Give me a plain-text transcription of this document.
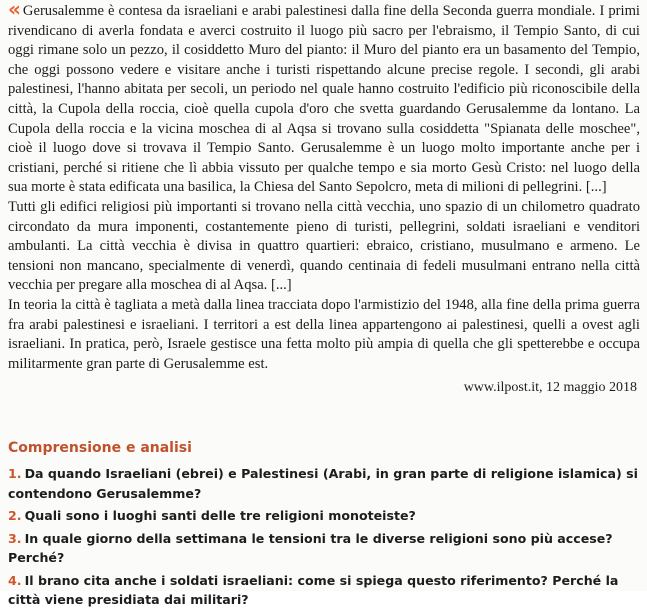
« Gerusalemme è contesa da israeliani e arabi palestinesi dalla fine della Seconda guerra mondiale. I primi rivendicano di averla fondata e averci costruito il luogo più sacro per l'ebraismo, il Tempio Santo, di cui oggi rimane solo un pezzo, il cosiddetto Muro del pianto: il Muro del pianto era un basamento del Tempio, che oggi possono vedere e visitare anche i turisti rispettando alcune precise regole. I secondi, gli arabi palestinesi, l'hanno abitata per secoli, un periodo nel quale hanno costruito l'edificio più riconoscibile della città, la Cupola della roccia, cioè quella cupola d'oro che svetta guardando Gerusalemme da lontano. La Cupola della roccia e la vicina moschea di al Aqsa si trovano sulla cosiddetta "Spianata delle moschee", cioè il luogo dove si trovava il Tempio Santo. Gerusalemme è un luogo molto importante anche per i cristiani, perché si ritiene che lì abbia vissuto per qualche tempo e sia morto Gesù Cristo: nel luogo della sua morte è stata edificata una basilica, la Chiesa del Santo Sepolcro, meta di milioni di pellegrini. [...]

Tutti gli edifici religiosi più importanti si trovano nella città vecchia, uno spazio di un chilometro quadrato circondato da mura imponenti, costantemente pieno di turisti, pellegrini, soldati israeliani e venditori ambulanti. La città vecchia è divisa in quattro quartieri: ebraico, cristiano, musulmano e armeno. Le tensioni non mancano, specialmente di venerdì, quando centinaia di fedeli musulmani entrano nella città vecchia per pregare alla moschea di al Aqsa. [...]

In teoria la città è tagliata a metà dalla linea tracciata dopo l'armistizio del 1948, alla fine della prima guerra fra arabi palestinesi e israeliani. I territori a est della linea appartengono ai palestinesi, quelli a ovest agli israeliani. In pratica, però, Israele gestisce una fetta molto più ampia di quella che gli spetterebbe e occupa militarmente gran parte di Gerusalemme est.

www.ilpost.it, 12 maggio 2018
Comprensione e analisi
1. Da quando Israeliani (ebrei) e Palestinesi (Arabi, in gran parte di religione islamica) si contendono Gerusalemme?
2. Quali sono i luoghi santi delle tre religioni monoteiste?
3. In quale giorno della settimana le tensioni tra le diverse religioni sono più accese? Perché?
4. Il brano cita anche i soldati israeliani: come si spiega questo riferimento? Perché la città viene presidiata dai militari?
